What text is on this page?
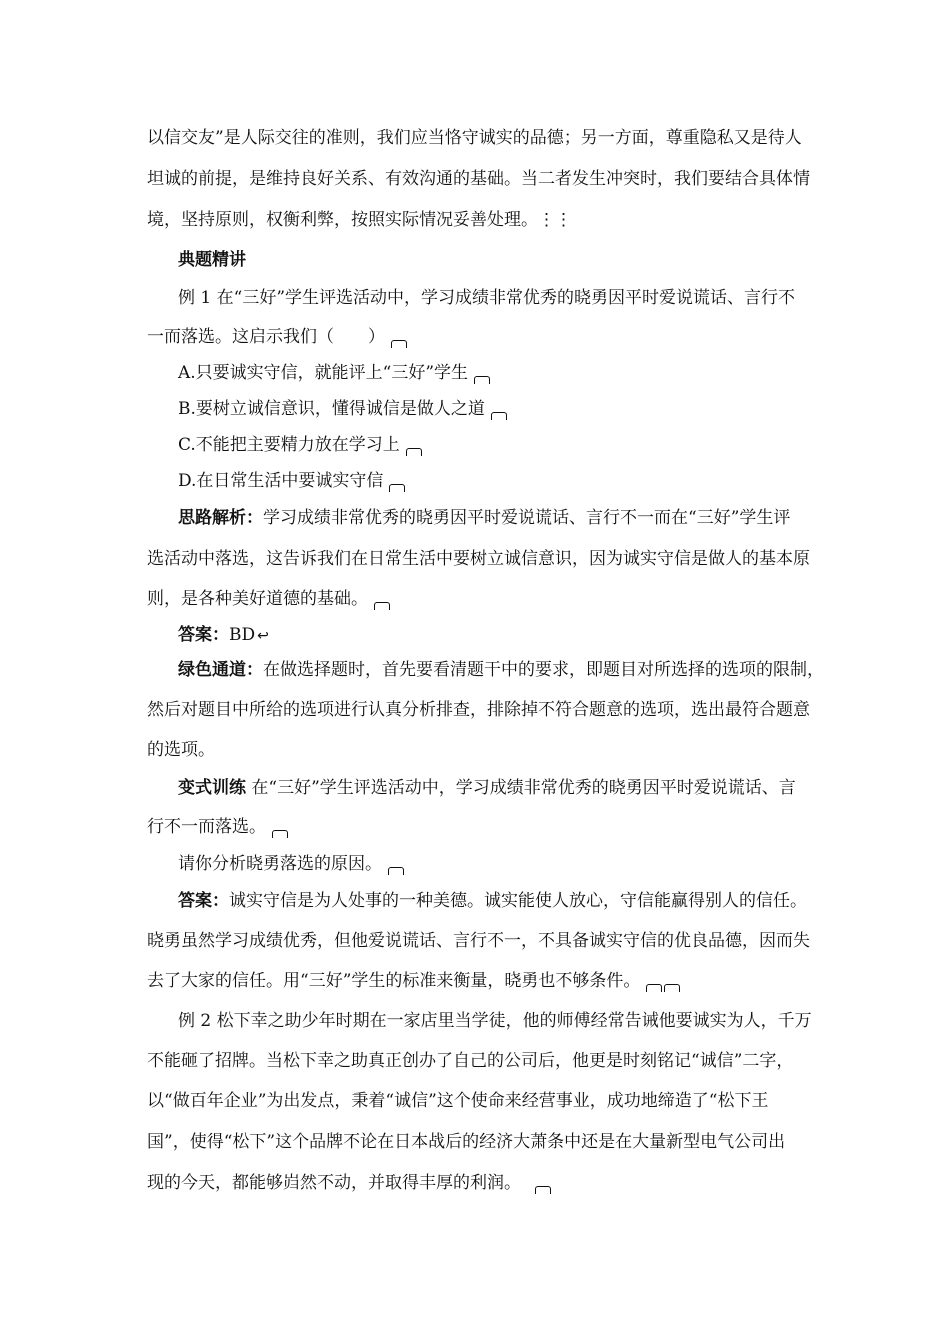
以信交友”是人际交往的准则，我们应当恪守诚实的品德；另一方面，尊重隐私又是待人
坦诚的前提，是维持良好关系、有效沟通的基础。当二者发生冲突时，我们要结合具体情
境，坚持原则，权衡利弊，按照实际情况妥善处理。⋮⋮
典题精讲
例 1 在“三好”学生评选活动中，学习成绩非常优秀的晓勇因平时爱说谎话、言行不
一而落选。这启示我们（　　）
A.只要诚实守信，就能评上“三好”学生
B.要树立诚信意识，懂得诚信是做人之道
C.不能把主要精力放在学习上
D.在日常生活中要诚实守信
思路解析：学习成绩非常优秀的晓勇因平时爱说谎话、言行不一而在“三好”学生评
选活动中落选，这告诉我们在日常生活中要树立诚信意识，因为诚实守信是做人的基本原
则，是各种美好道德的基础。
答案：BD ↩
绿色通道：在做选择题时，首先要看清题干中的要求，即题目对所选择的选项的限制，
然后对题目中所给的选项进行认真分析排查，排除掉不符合题意的选项，选出最符合题意
的选项。
变式训练 在“三好”学生评选活动中，学习成绩非常优秀的晓勇因平时爱说谎话、言
行不一而落选。
请你分析晓勇落选的原因。
答案：诚实守信是为人处事的一种美德。诚实能使人放心，守信能赢得别人的信任。
晓勇虽然学习成绩优秀，但他爱说谎话、言行不一，不具备诚实守信的优良品德，因而失
去了大家的信任。用“三好”学生的标准来衡量，晓勇也不够条件。
例 2 松下幸之助少年时期在一家店里当学徒，他的师傅经常告诫他要诚实为人，千万
不能砸了招牌。当松下幸之助真正创办了自己的公司后，他更是时刻铭记“诚信”二字，
以“做百年企业”为出发点，秉着“诚信”这个使命来经营事业，成功地缔造了“松下王
国”，使得“松下”这个品牌不论在日本战后的经济大萧条中还是在大量新型电气公司出
现的今天，都能够岿然不动，并取得丰厚的利润。
